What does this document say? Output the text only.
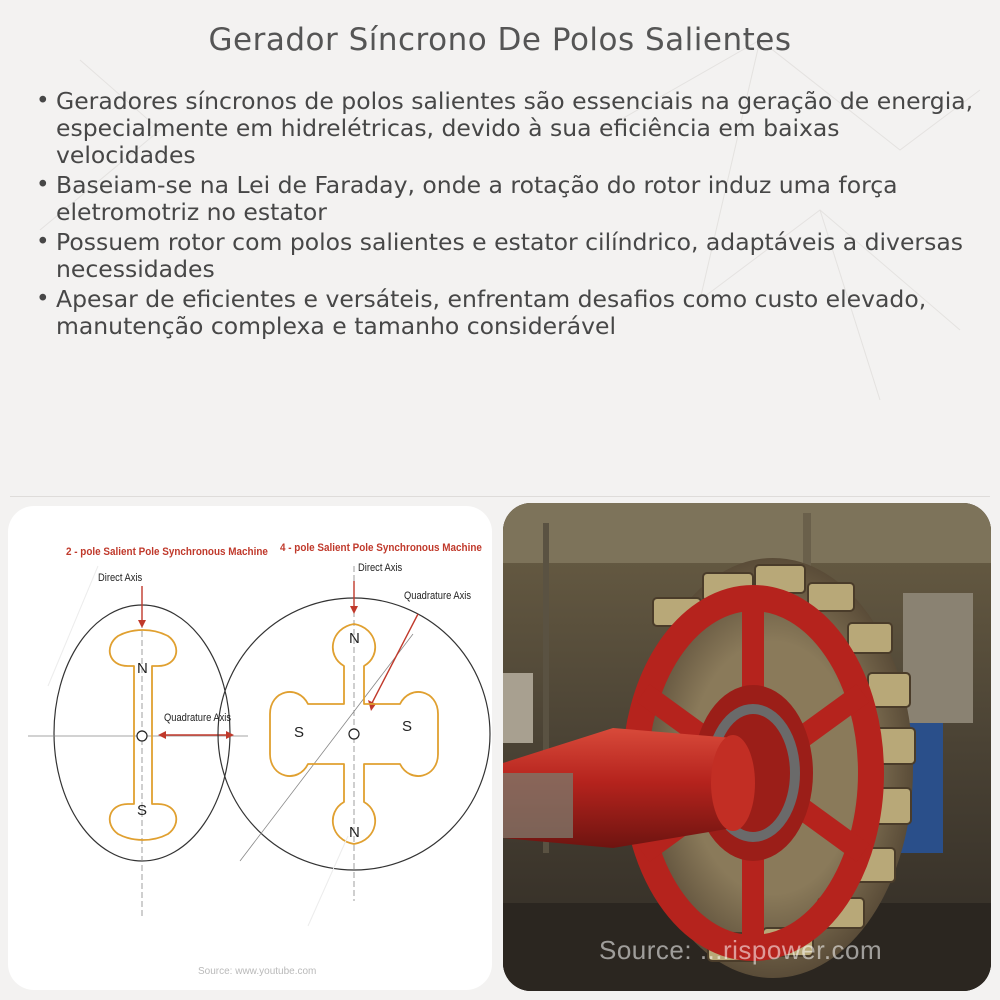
Gerador Síncrono De Polos Salientes
• Geradores síncronos de polos salientes são essenciais na geração de energia, especialmente em hidrelétricas, devido à sua eficiência em baixas velocidades
• Baseiam-se na Lei de Faraday, onde a rotação do rotor induz uma força eletromotriz no estator
• Possuem rotor com polos salientes e estator cilíndrico, adaptáveis a diversas necessidades
• Apesar de eficientes e versáteis, enfrentam desafios como custo elevado, manutenção complexa e tamanho considerável
2 - pole Salient Pole Synchronous Machine 4 - pole Salient Pole Synchronous Machine
Direct Axis
Quadrature Axis
Direct Axis
Quadrature Axis
N
S
N
N
S	S
Source: www.youtube.com
Source: ...rispower.com
